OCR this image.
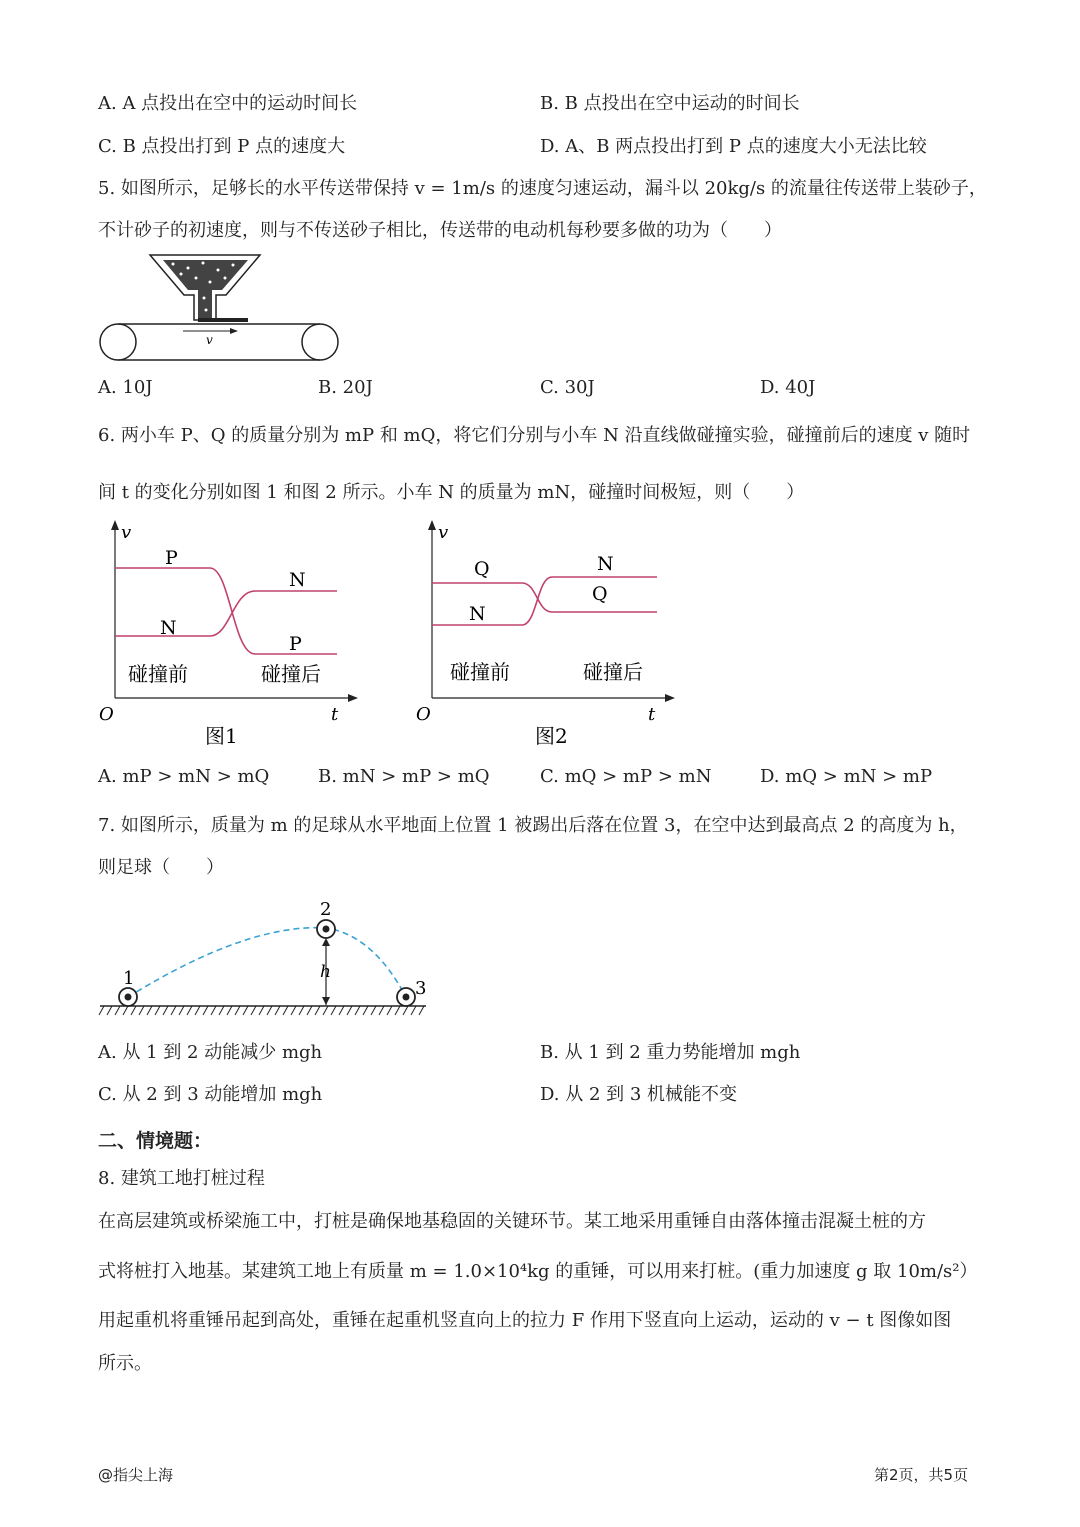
A. A 点投出在空中的运动时间长	B. B 点投出在空中运动的时间长
C. B 点投出打到 P 点的速度大	D. A、B 两点投出打到 P 点的速度大小无法比较
5. 如图所示，足够长的水平传送带保持 v = 1m/s 的速度匀速运动，漏斗以 20kg/s 的流量往传送带上装砂子，
不计砂子的初速度，则与不传送砂子相比，传送带的电动机每秒要多做的功为（　　）
v
A. 10J	B. 20J	C. 30J	D. 40J
6. 两小车 P、Q 的质量分别为 mP 和 mQ，将它们分别与小车 N 沿直线做碰撞实验，碰撞前后的速度 v 随时
间 t 的变化分别如图 1 和图 2 所示。小车 N 的质量为 mN，碰撞时间极短，则（　　）
v
t
O
P
N
N
P
碰撞前	碰撞后
图1
v
t
O
Q
N
N
Q
碰撞前	碰撞后
图2
A. mP > mN > mQ	B. mN > mP > mQ	C. mQ > mP > mN	D. mQ > mN > mP
7. 如图所示，质量为 m 的足球从水平地面上位置 1 被踢出后落在位置 3，在空中达到最高点 2 的高度为 h，
则足球（　　）
h
1
2
3
A. 从 1 到 2 动能减少 mgh	B. 从 1 到 2 重力势能增加 mgh
C. 从 2 到 3 动能增加 mgh	D. 从 2 到 3 机械能不变
二、情境题：
8. 建筑工地打桩过程
在高层建筑或桥梁施工中，打桩是确保地基稳固的关键环节。某工地采用重锤自由落体撞击混凝土桩的方
式将桩打入地基。某建筑工地上有质量 m = 1.0×10⁴kg 的重锤，可以用来打桩。(重力加速度 g 取 10m/s²）
用起重机将重锤吊起到高处，重锤在起重机竖直向上的拉力 F 作用下竖直向上运动，运动的 v − t 图像如图
所示。
@指尖上海	第2页，共5页
